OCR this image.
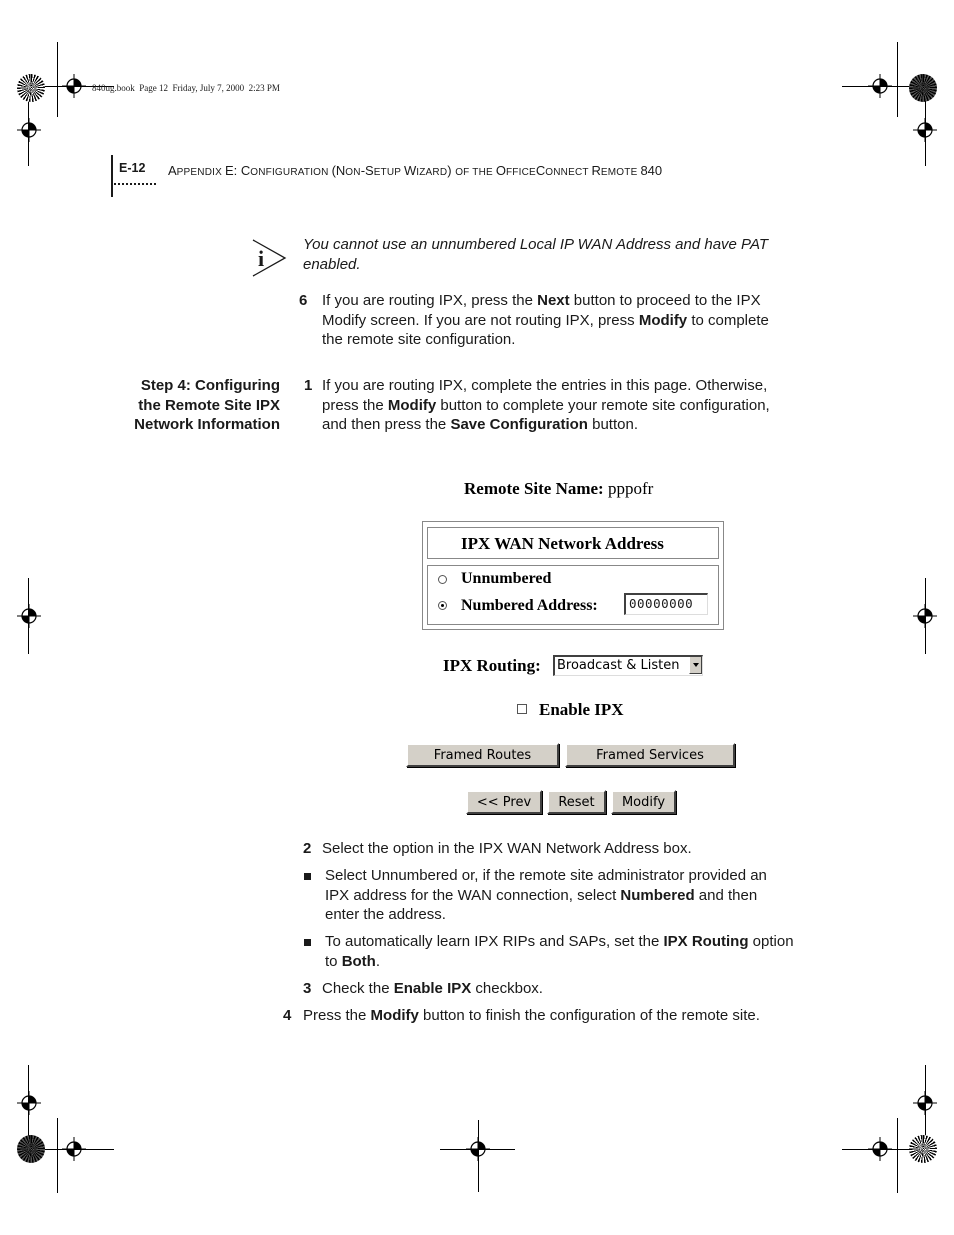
840ug.book  Page 12  Friday, July 7, 2000  2:23 PM
E-12 APPENDIX E: CONFIGURATION (NON-SETUP WIZARD) OF THE OFFICECONNECT REMOTE 840
i
You cannot use an unnumbered Local IP WAN Address and have PAT
enabled.
6 If you are routing IPX, press the Next button to proceed to the IPX
Modify screen. If you are not routing IPX, press Modify to complete
the remote site configuration.
Step 4: Configuring
the Remote Site IPX
Network Information
1 If you are routing IPX, complete the entries in this page. Otherwise,
press the Modify button to complete your remote site configuration,
and then press the Save Configuration button.
Remote Site Name: pppofr
IPX WAN Network Address
Unnumbered
Numbered Address:	00000000
IPX Routing: Broadcast & Listen
Enable IPX
Framed Routes	Framed Services
<< Prev	Reset	Modify
2 Select the option in the IPX WAN Network Address box.
Select Unnumbered or, if the remote site administrator provided an
IPX address for the WAN connection, select Numbered and then
enter the address.
To automatically learn IPX RIPs and SAPs, set the IPX Routing option
to Both.
3 Check the Enable IPX checkbox.
4 Press the Modify button to finish the configuration of the remote site.
